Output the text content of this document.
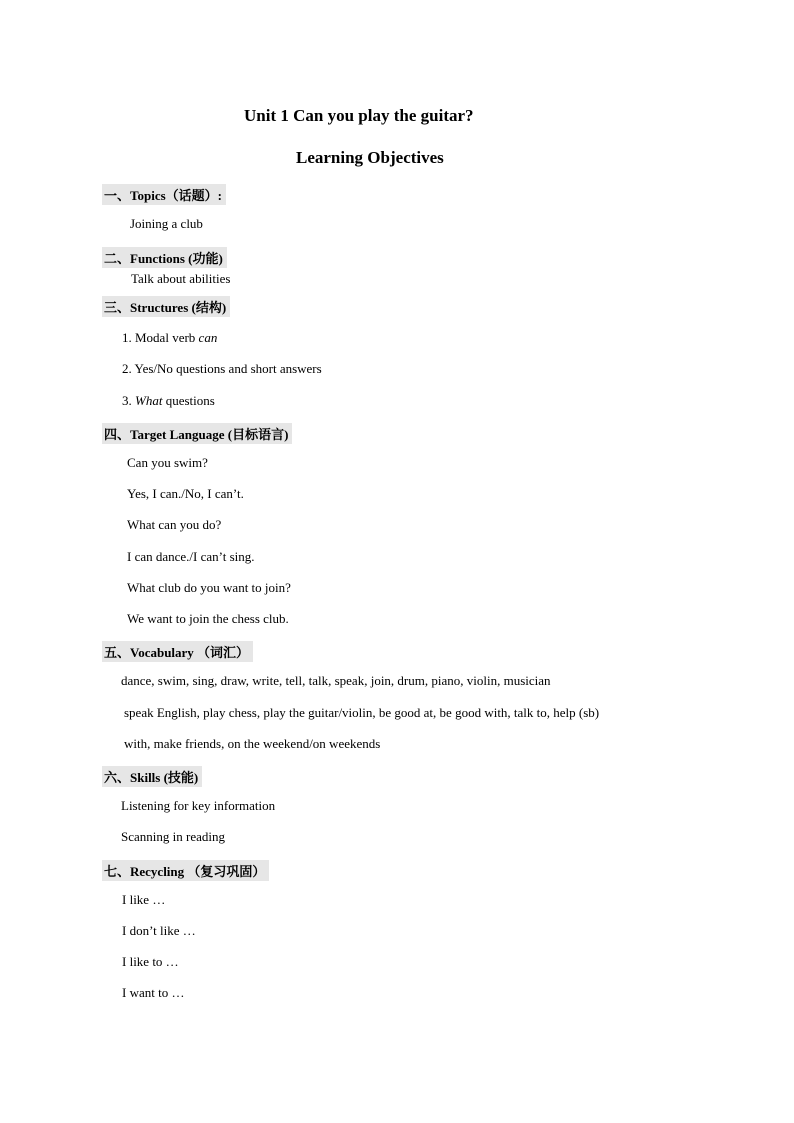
Unit 1 Can you play the guitar?
Learning Objectives
一、Topics（话题）:
Joining a club
二、Functions (功能)
Talk about abilities
三、Structures (结构)
1. Modal verb can
2. Yes/No questions and short answers
3. What questions
四、Target Language (目标语言)
Can you swim?
Yes, I can./No, I can’t.
What can you do?
I can dance./I can’t sing.
What club do you want to join?
We want to join the chess club.
五、Vocabulary （词汇）
dance, swim, sing, draw, write, tell, talk, speak, join, drum, piano, violin, musician
speak English, play chess, play the guitar/violin, be good at, be good with, talk to, help (sb)
with, make friends, on the weekend/on weekends
六、Skills (技能)
Listening for key information
Scanning in reading
七、Recycling （复习巩固）
I like …
I don’t like …
I like to …
I want to …
